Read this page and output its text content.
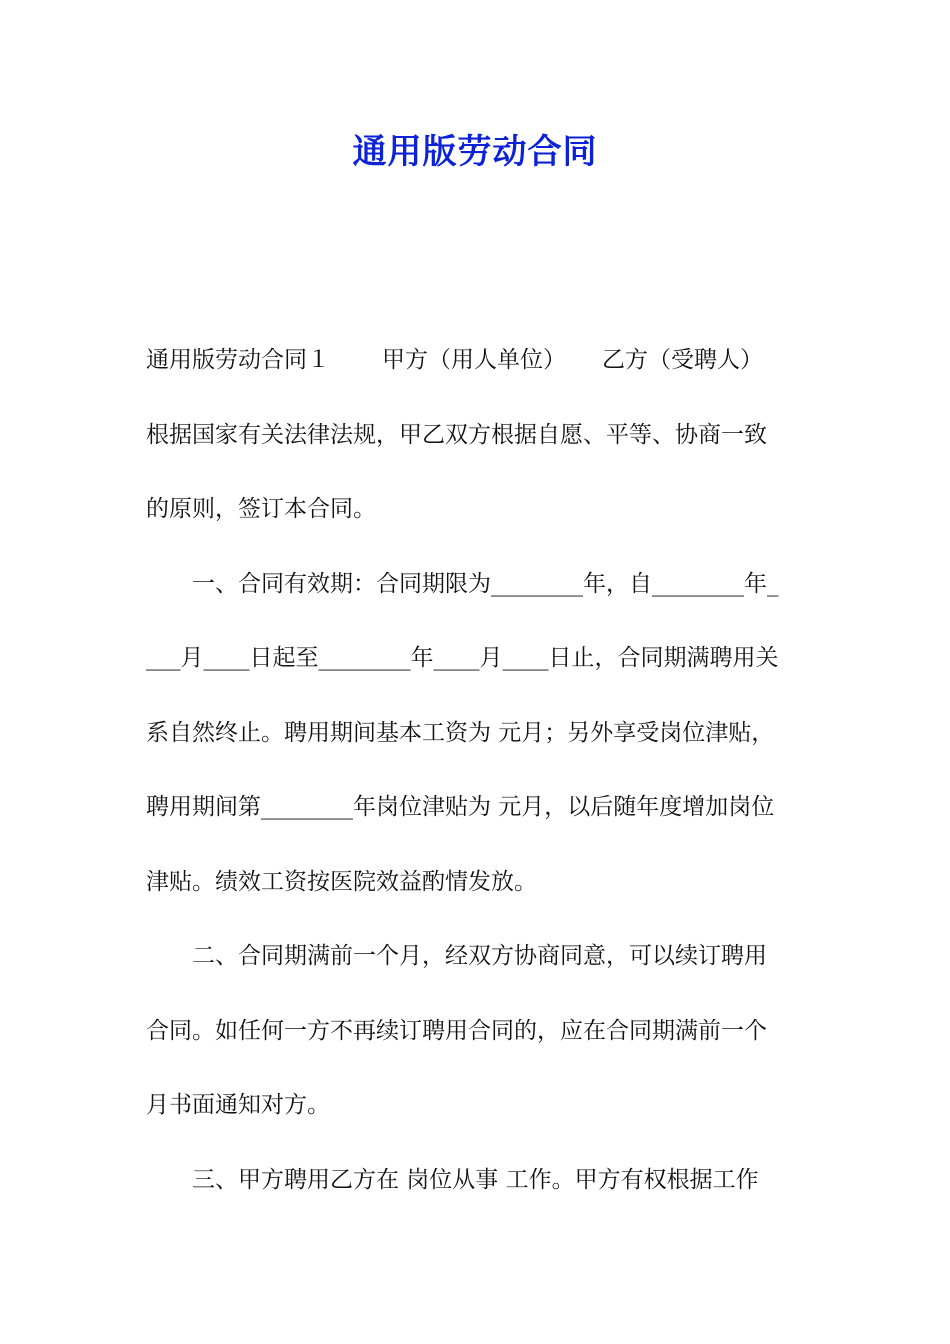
通用版劳动合同
通用版劳动合同１ 甲方（用人单位） 乙方（受聘人）
根据国家有关法律法规，甲乙双方根据自愿、平等、协商一致
的原则，签订本合同。
一、合同有效期：合同期限为________年，自________年_
___月____日起至________年____月____日止，合同期满聘用关
系自然终止。聘用期间基本工资为 元月；另外享受岗位津贴，
聘用期间第________年岗位津贴为 元月，以后随年度增加岗位
津贴。绩效工资按医院效益酌情发放。
二、合同期满前一个月，经双方协商同意，可以续订聘用
合同。如任何一方不再续订聘用合同的，应在合同期满前一个
月书面通知对方。
三、甲方聘用乙方在 岗位从事 工作。甲方有权根据工作
